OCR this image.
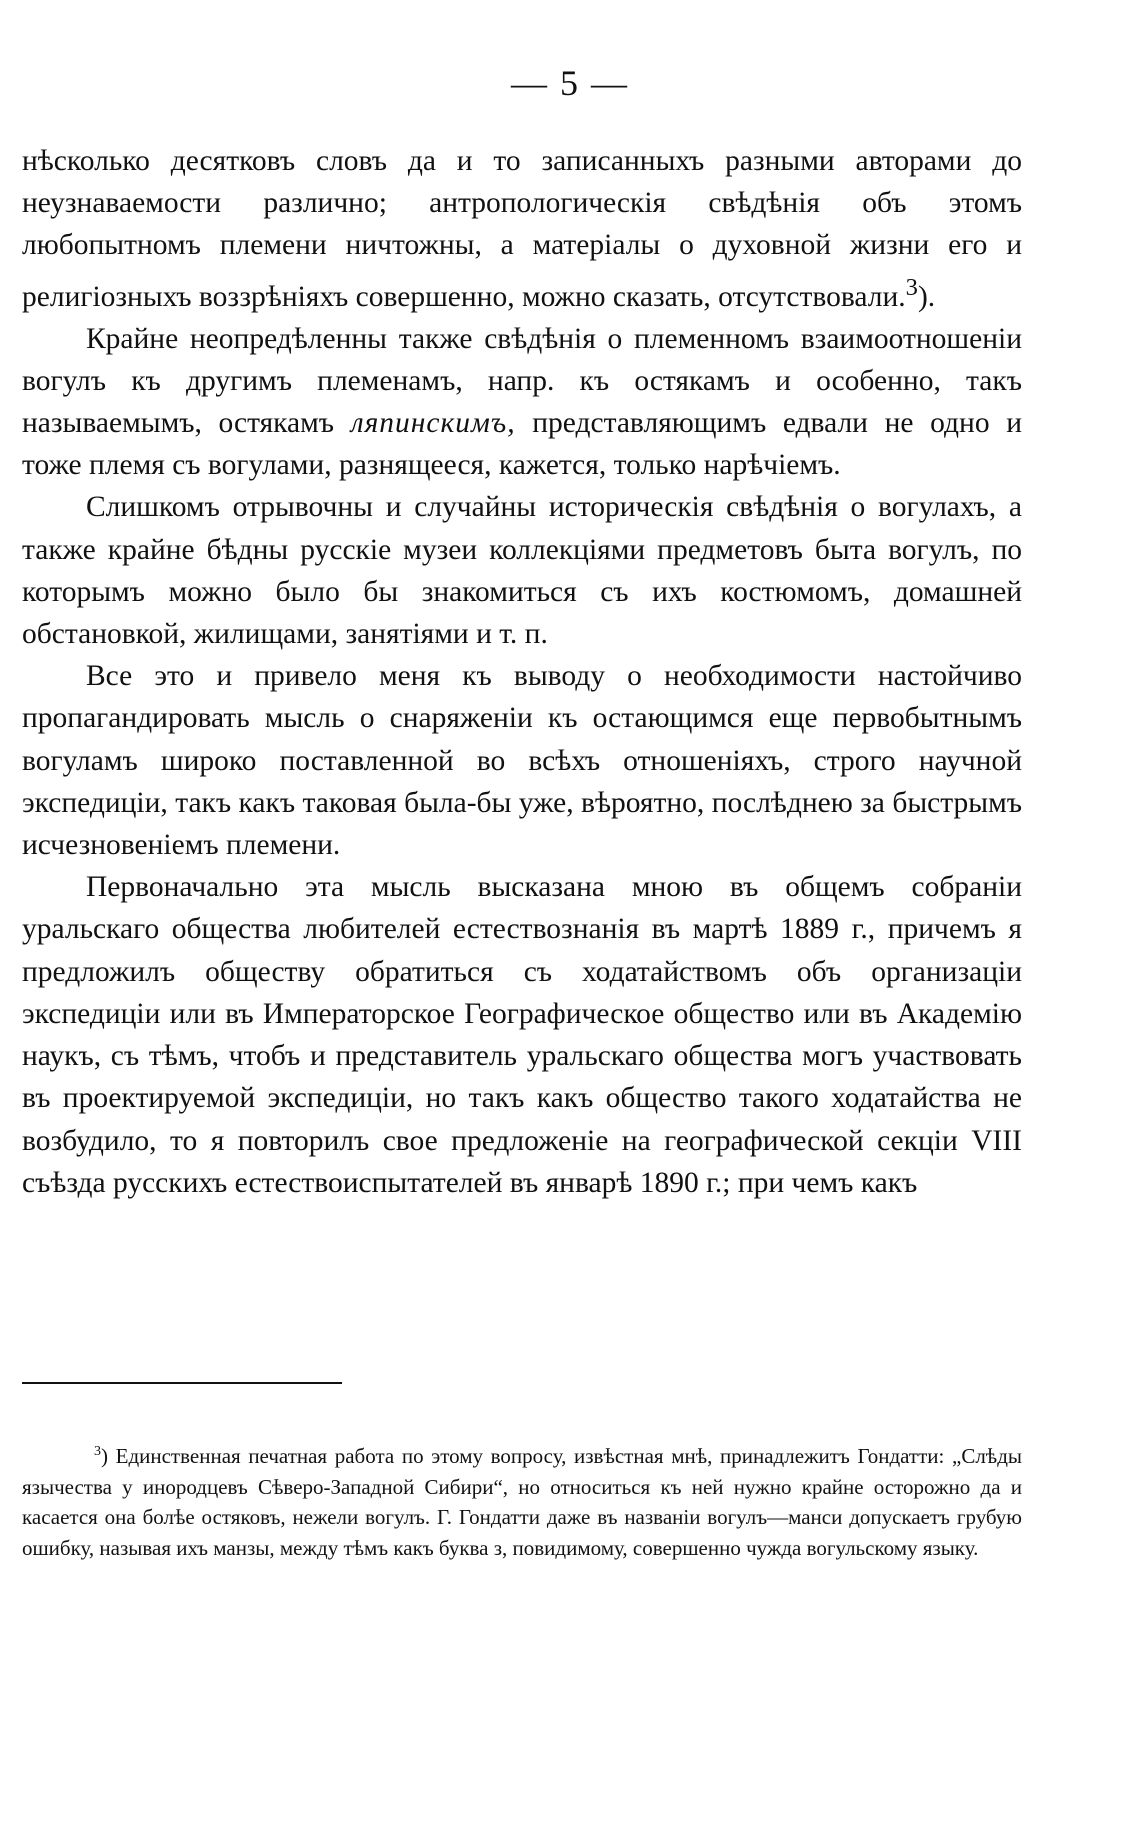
— 5 —

нѣсколько десятковъ словъ да и то записанныхъ разными авторами до неузнаваемости различно; антропологическія свѣдѣнія объ этомъ любопытномъ племени ничтожны, а матеріалы о духовной жизни его и религіозныхъ воззрѣніяхъ совершенно, можно сказать, отсутствовали.$^3$).

Крайне неопредѣленны также свѣдѣнія о племенномъ взаимоотношеніи вогулъ къ другимъ племенамъ, напр. къ остякамъ и особенно, такъ называемымъ, остякамъ ляпинскимъ, представляющимъ едвали не одно и тоже племя съ вогулами, разнящееся, кажется, только нарѣчіемъ.

Слишкомъ отрывочны и случайны историческія свѣдѣнія о вогулахъ, а также крайне бѣдны русскіе музеи коллекціями предметовъ быта вогулъ, по которымъ можно было бы знакомиться съ ихъ костюмомъ, домашней обстановкой, жилищами, занятіями и т. п.

Все это и привело меня къ выводу о необходимости настойчиво пропагандировать мысль о снаряженіи къ остающимся еще первобытнымъ вогуламъ широко поставленной во всѣхъ отношеніяхъ, строго научной экспедиціи, такъ какъ таковая была-бы уже, вѣроятно, послѣднею за быстрымъ исчезновеніемъ племени.

Первоначально эта мысль высказана мною въ общемъ собраніи уральскаго общества любителей естествознанія въ мартѣ 1889 г., причемъ я предложилъ обществу обратиться съ ходатайствомъ объ организаціи экспедиціи или въ Императорское Географическое общество или въ Академію наукъ, съ тѣмъ, чтобъ и представитель уральскаго общества могъ участвовать въ проектируемой экспедиціи, но такъ какъ общество такого ходатайства не возбудило, то я повторилъ свое предложеніе на географической секціи VIII съѣзда русскихъ естествоиспытателей въ январѣ 1890 г.; при чемъ какъ

$^3$) Единственная печатная работа по этому вопросу, извѣстная мнѣ, принадлежитъ Гондатти: „Слѣды язычества у инородцевъ Сѣверо-Западной Сибири“, но относиться къ ней нужно крайне осторожно да и касается она болѣе остяковъ, нежели вогулъ. Г. Гондатти даже въ названіи вогулъ—манси допускаетъ грубую ошибку, называя ихъ манзы, между тѣмъ какъ буква з, повидимому, совершенно чужда вогульскому языку.
